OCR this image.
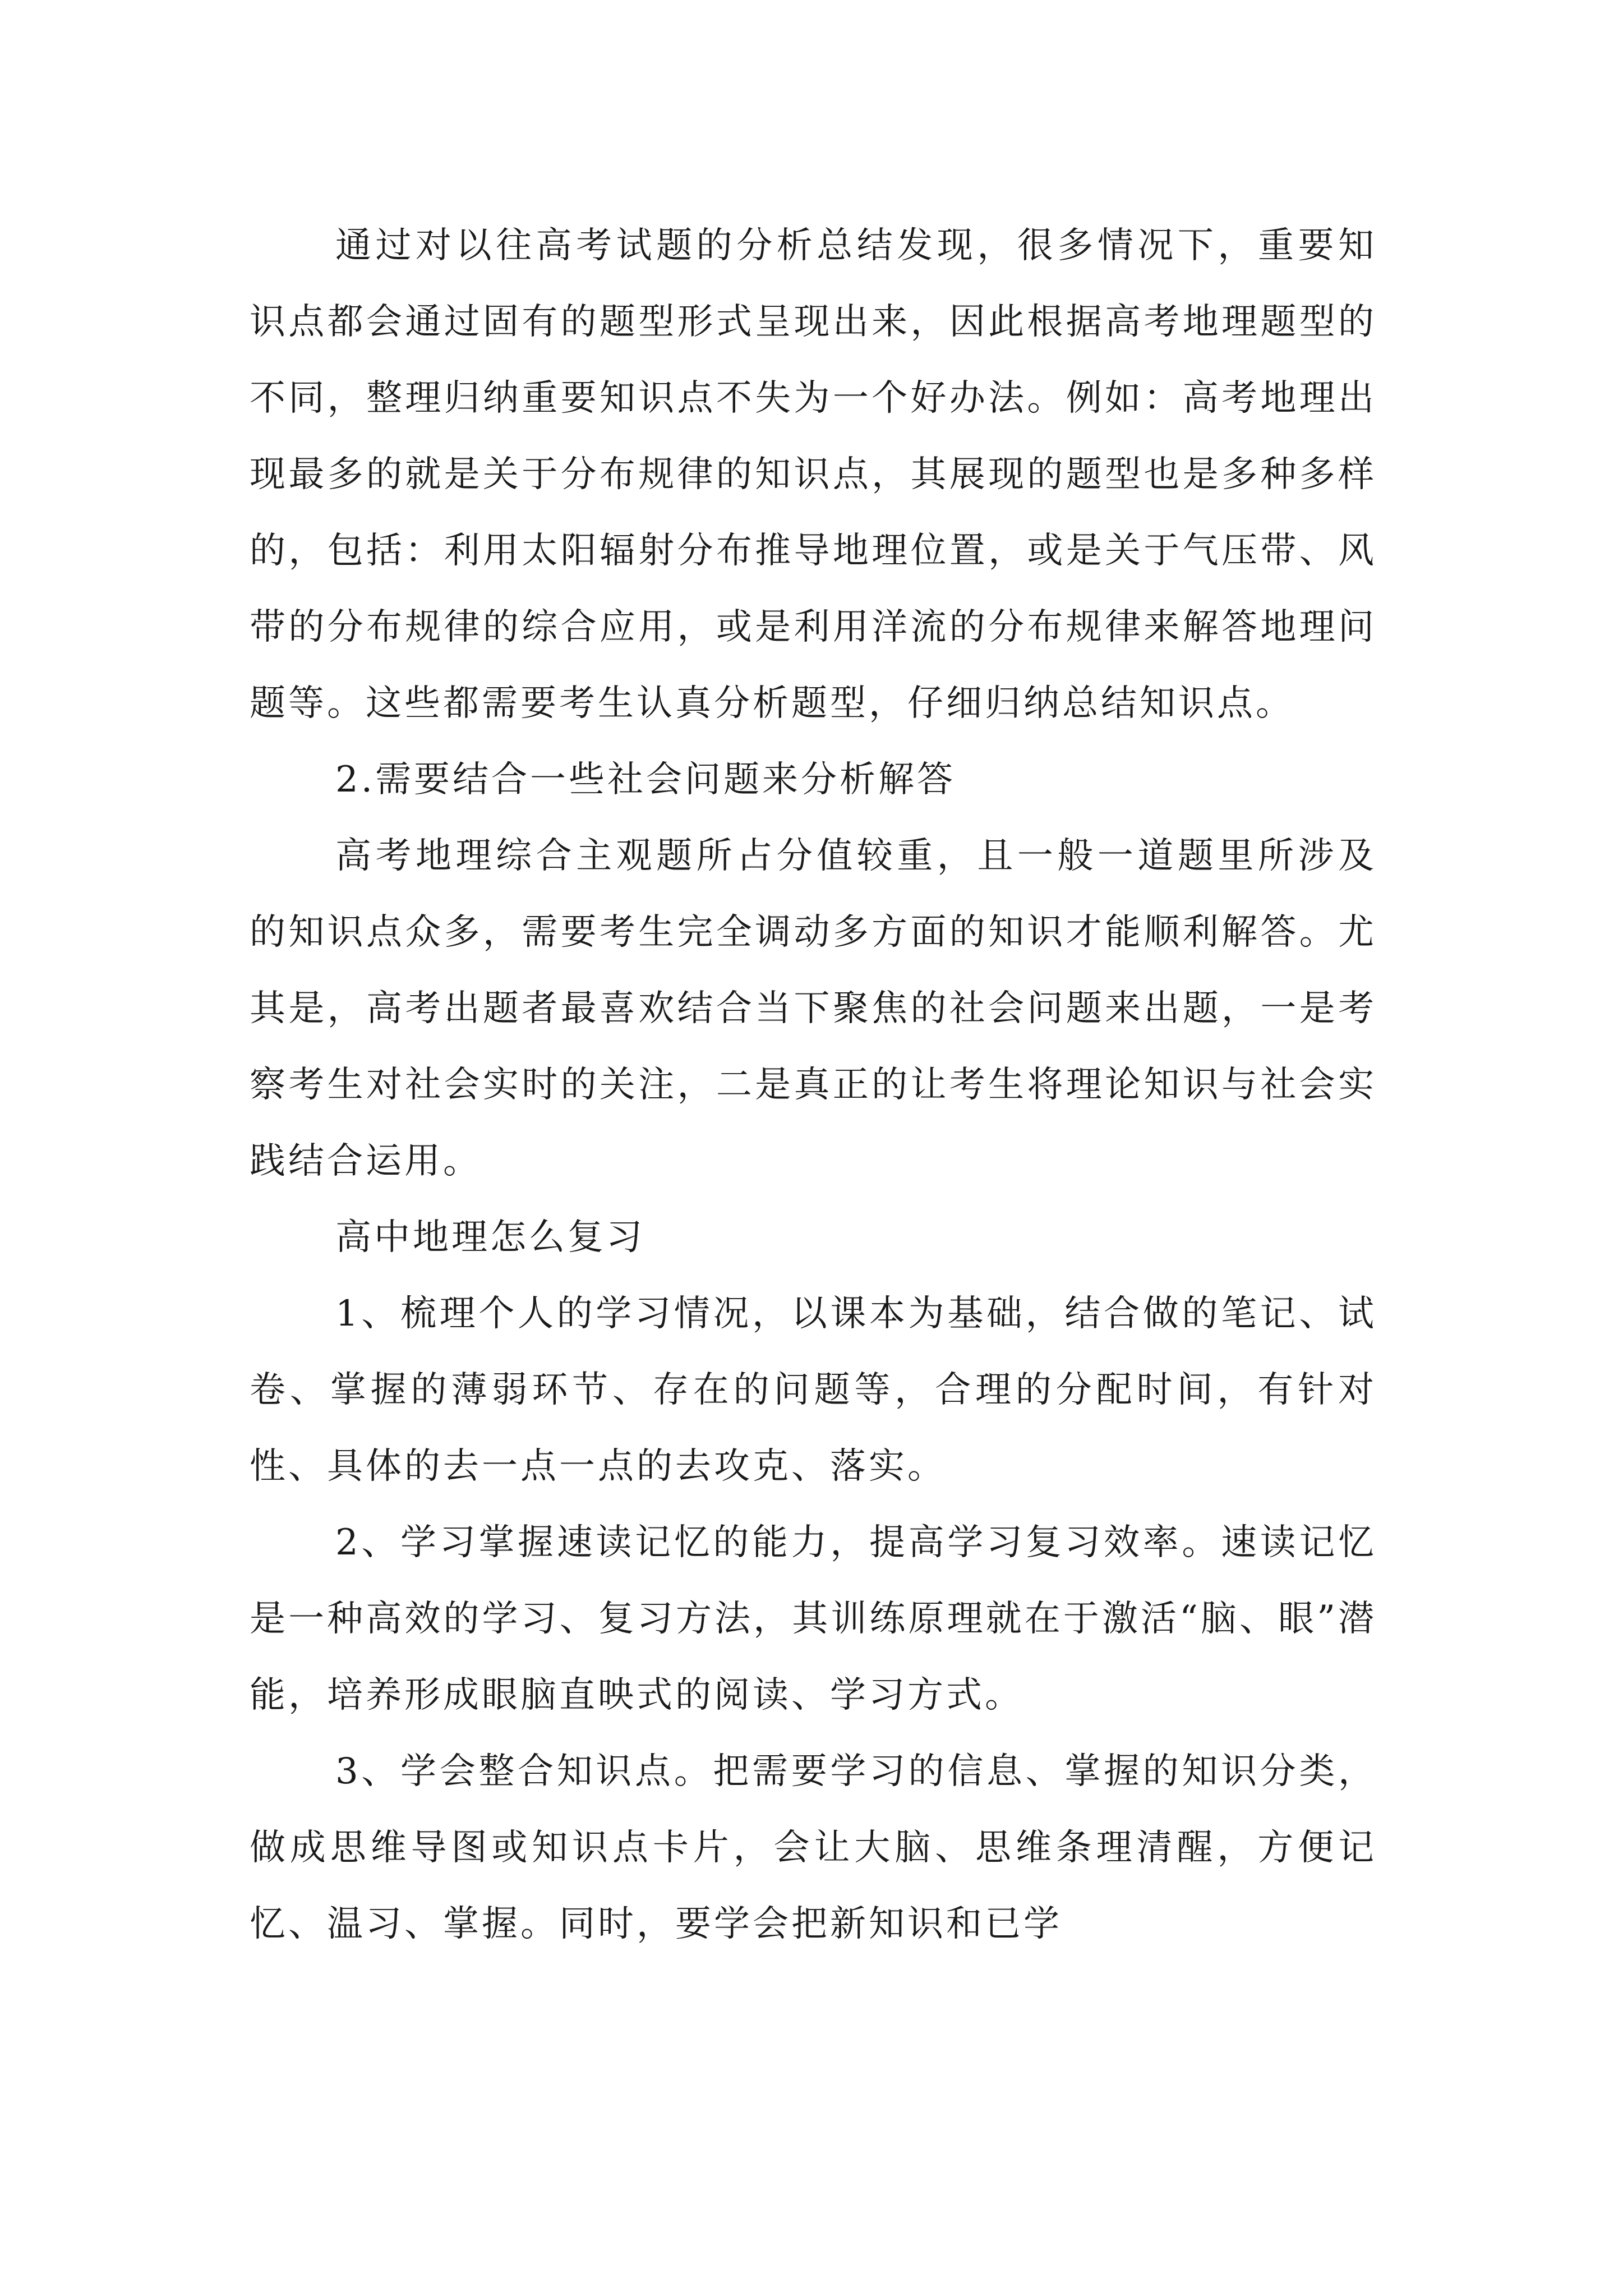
通过对以往高考试题的分析总结发现，很多情况下，重要知识点都会通过固有的题型形式呈现出来，因此根据高考地理题型的不同，整理归纳重要知识点不失为一个好办法。例如：高考地理出现最多的就是关于分布规律的知识点，其展现的题型也是多种多样的，包括：利用太阳辐射分布推导地理位置，或是关于气压带、风带的分布规律的综合应用，或是利用洋流的分布规律来解答地理问题等。这些都需要考生认真分析题型，仔细归纳总结知识点。

2.需要结合一些社会问题来分析解答

高考地理综合主观题所占分值较重，且一般一道题里所涉及的知识点众多，需要考生完全调动多方面的知识才能顺利解答。尤其是，高考出题者最喜欢结合当下聚焦的社会问题来出题，一是考察考生对社会实时的关注，二是真正的让考生将理论知识与社会实践结合运用。

高中地理怎么复习

1、梳理个人的学习情况，以课本为基础，结合做的笔记、试卷、掌握的薄弱环节、存在的问题等，合理的分配时间，有针对性、具体的去一点一点的去攻克、落实。

2、学习掌握速读记忆的能力，提高学习复习效率。速读记忆是一种高效的学习、复习方法，其训练原理就在于激活“脑、眼”潜能，培养形成眼脑直映式的阅读、学习方式。

3、学会整合知识点。把需要学习的信息、掌握的知识分类，做成思维导图或知识点卡片，会让大脑、思维条理清醒，方便记忆、温习、掌握。同时，要学会把新知识和已学
